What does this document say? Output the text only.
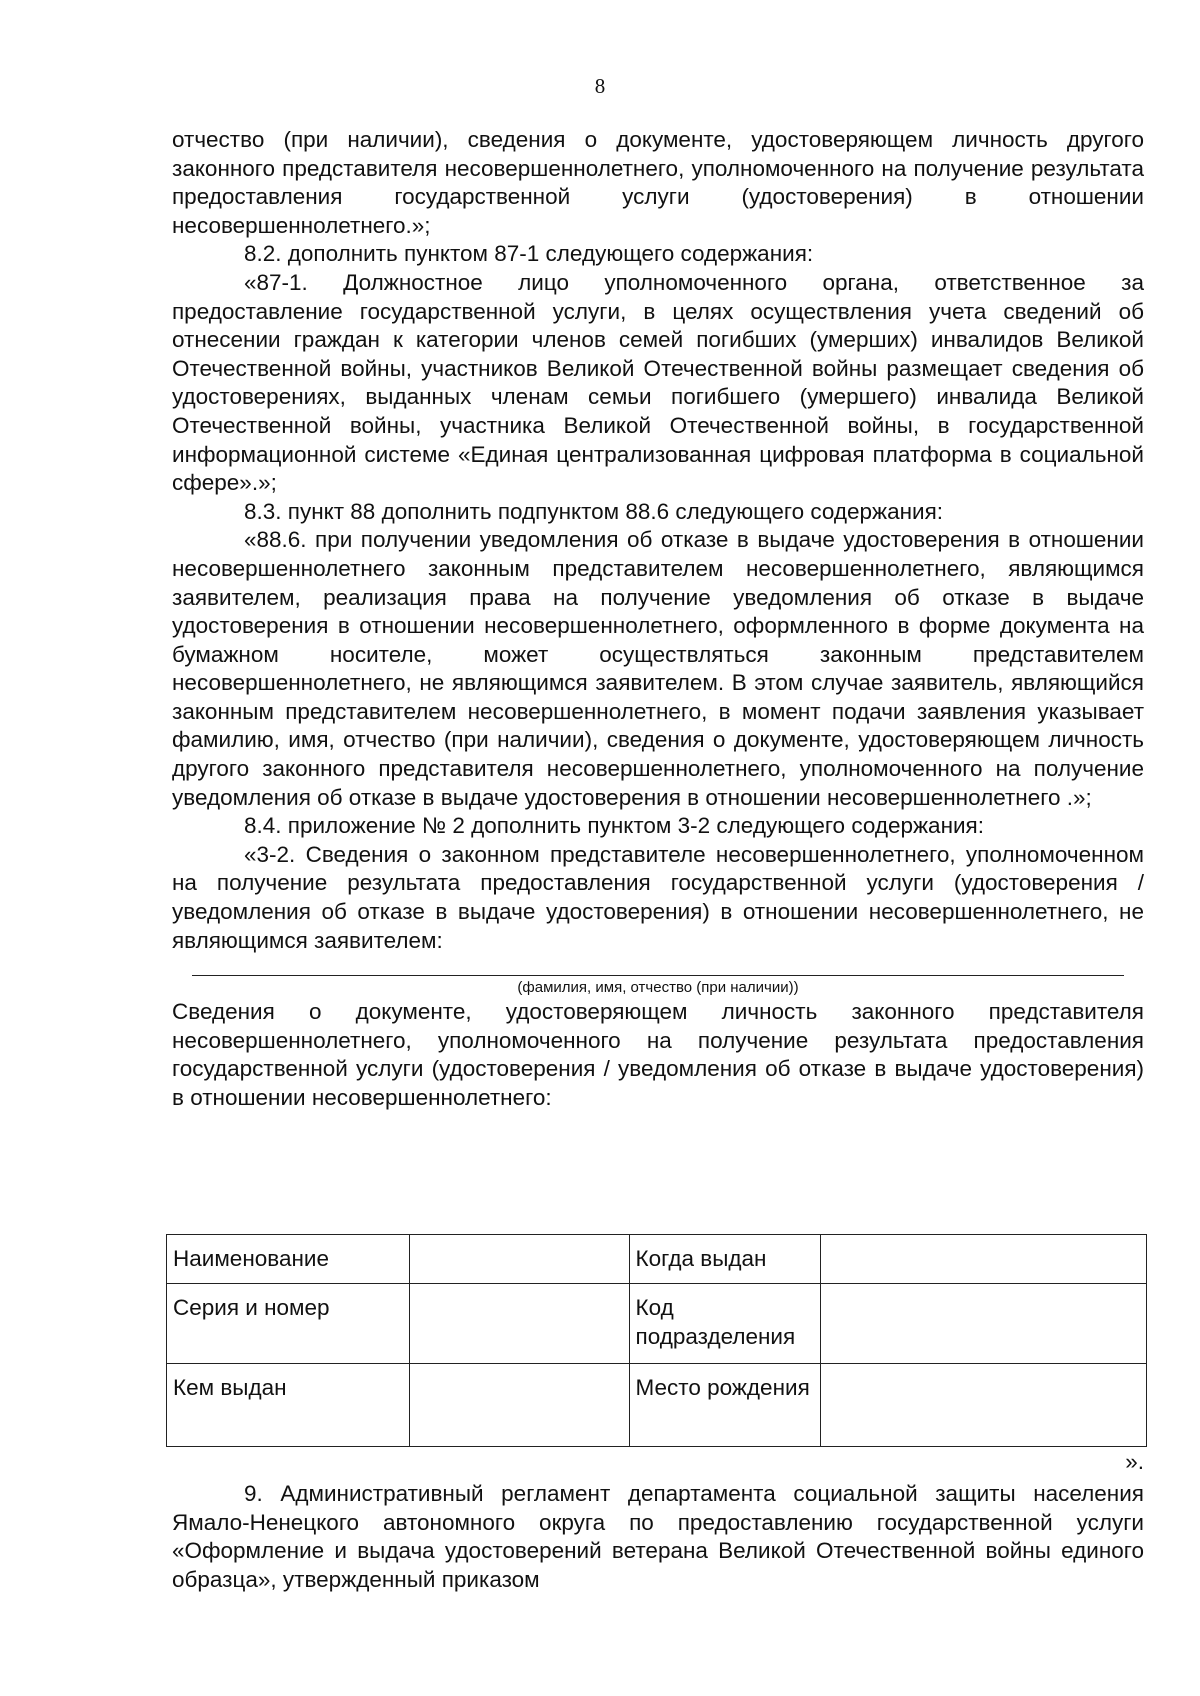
8

отчество (при наличии), сведения о документе, удостоверяющем личность другого законного представителя несовершеннолетнего, уполномоченного на получение результата предоставления государственной услуги (удостоверения) в отношении несовершеннолетнего.»;

8.2. дополнить пунктом 87-1 следующего содержания:

«87-1. Должностное лицо уполномоченного органа, ответственное за предоставление государственной услуги, в целях осуществления учета сведений об отнесении граждан к категории членов семей погибших (умерших) инвалидов Великой Отечественной войны, участников Великой Отечественной войны размещает сведения об удостоверениях, выданных членам семьи погибшего (умершего) инвалида Великой Отечественной войны, участника Великой Отечественной войны, в государственной информационной системе «Единая централизованная цифровая платформа в социальной сфере».»;

8.3. пункт 88 дополнить подпунктом 88.6 следующего содержания:

«88.6. при получении уведомления об отказе в выдаче удостоверения в отношении несовершеннолетнего законным представителем несовершеннолетнего, являющимся заявителем, реализация права на получение уведомления об отказе в выдаче удостоверения в отношении несовершеннолетнего, оформленного в форме документа на бумажном носителе, может осуществляться законным представителем несовершеннолетнего, не являющимся заявителем. В этом случае заявитель, являющийся законным представителем несовершеннолетнего, в момент подачи заявления указывает фамилию, имя, отчество (при наличии), сведения о документе, удостоверяющем личность другого законного представителя несовершеннолетнего, уполномоченного на получение уведомления об отказе в выдаче удостоверения в отношении несовершеннолетнего .»;

8.4. приложение № 2 дополнить пунктом 3-2 следующего содержания:

«3-2. Сведения о законном представителе несовершеннолетнего, уполномоченном на получение результата предоставления государственной услуги (удостоверения / уведомления об отказе в выдаче удостоверения) в отношении несовершеннолетнего, не являющимся заявителем:

(фамилия, имя, отчество (при наличии))

Сведения о документе, удостоверяющем личность законного представителя несовершеннолетнего, уполномоченного на получение результата предоставления государственной услуги (удостоверения / уведомления об отказе в выдаче удостоверения) в отношении несовершеннолетнего:

Наименование		Когда выдан	
Серия и номер		Код подразделения	
Кем выдан		Место рождения	
».

9. Административный регламент департамента социальной защиты населения Ямало-Ненецкого автономного округа по предоставлению государственной услуги «Оформление и выдача удостоверений ветерана Великой Отечественной войны единого образца», утвержденный приказом
